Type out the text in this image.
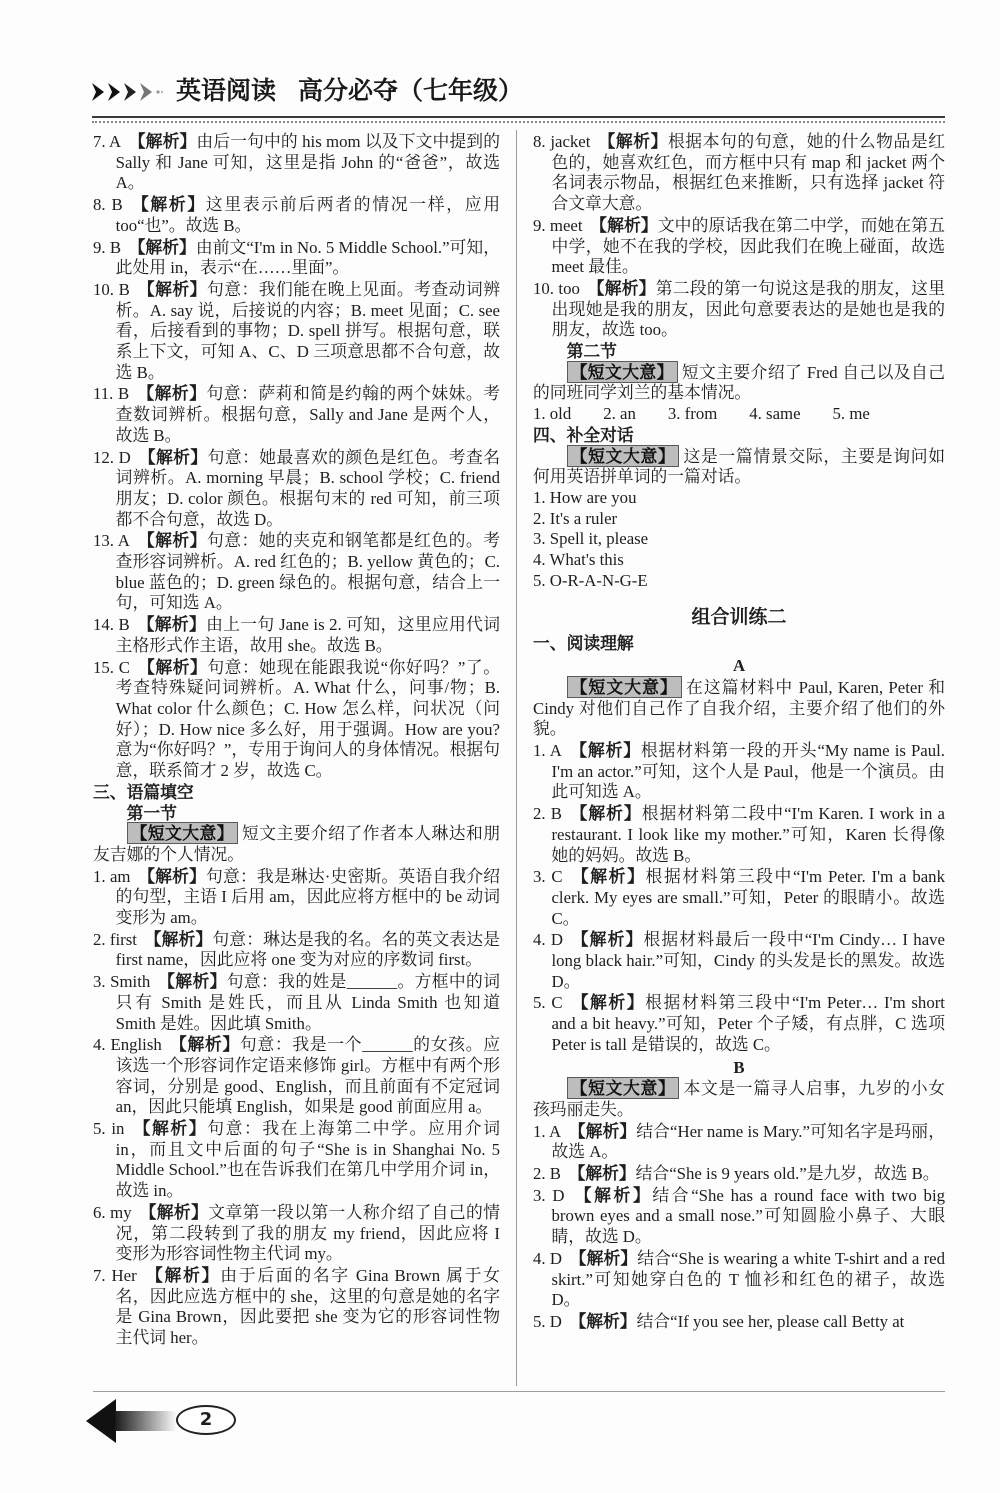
英语阅读 高分必夺（七年级）

7. A 【解析】由后一句中的 his mom 以及下文中提到的 Sally 和 Jane 可知，这里是指 John 的“爸爸”，故选 A。

8. B 【解析】这里表示前后两者的情况一样，应用 too“也”。故选 B。

9. B 【解析】由前文“I'm in No. 5 Middle School.”可知，此处用 in，表示“在……里面”。

10. B 【解析】句意：我们能在晚上见面。考查动词辨析。A. say 说，后接说的内容；B. meet 见面；C. see看，后接看到的事物；D. spell 拼写。根据句意，联系上下文，可知 A、C、D 三项意思都不合句意，故选 B。

11. B 【解析】句意：萨莉和简是约翰的两个妹妹。考查数词辨析。根据句意，Sally and Jane 是两个人，故选 B。

12. D 【解析】句意：她最喜欢的颜色是红色。考查名词辨析。A. morning 早晨；B. school 学校；C. friend 朋友；D. color 颜色。根据句末的 red 可知，前三项都不合句意，故选 D。

13. A 【解析】句意：她的夹克和钢笔都是红色的。考查形容词辨析。A. red 红色的；B. yellow 黄色的；C. blue 蓝色的；D. green 绿色的。根据句意，结合上一句，可知选 A。

14. B 【解析】由上一句 Jane is 2. 可知，这里应用代词主格形式作主语，故用 she。故选 B。

15. C 【解析】句意：她现在能跟我说“你好吗？”了。考查特殊疑问词辨析。A. What 什么，问事/物；B. What color 什么颜色；C. How 怎么样，问状况（问好）；D. How nice 多么好，用于强调。How are you? 意为“你好吗？”，专用于询问人的身体情况。根据句意，联系简才 2 岁，故选 C。

三、语篇填空

第一节

【短文大意】 短文主要介绍了作者本人琳达和朋友吉娜的个人情况。

1. am 【解析】句意：我是琳达·史密斯。英语自我介绍的句型，主语 I 后用 am，因此应将方框中的 be 动词变形为 am。

2. first 【解析】句意：琳达是我的名。名的英文表达是 first name，因此应将 one 变为对应的序数词 first。

3. Smith 【解析】句意：我的姓是______。方框中的词只有 Smith 是姓氏，而且从 Linda Smith 也知道 Smith 是姓。因此填 Smith。

4. English 【解析】句意：我是一个______的女孩。应该选一个形容词作定语来修饰 girl。方框中有两个形容词，分别是 good、English，而且前面有不定冠词 an，因此只能填 English，如果是 good 前面应用 a。

5. in 【解析】句意：我在上海第二中学。应用介词 in，而且文中后面的句子“She is in Shanghai No. 5 Middle School.”也在告诉我们在第几中学用介词 in，故选 in。

6. my 【解析】文章第一段以第一人称介绍了自己的情况，第二段转到了我的朋友 my friend，因此应将 I 变形为形容词性物主代词 my。

7. Her 【解析】由于后面的名字 Gina Brown 属于女名，因此应选方框中的 she，这里的句意是她的名字是 Gina Brown，因此要把 she 变为它的形容词性物主代词 her。

8. jacket 【解析】根据本句的句意，她的什么物品是红色的，她喜欢红色，而方框中只有 map 和 jacket 两个名词表示物品，根据红色来推断，只有选择 jacket 符合文章大意。

9. meet 【解析】文中的原话我在第二中学，而她在第五中学，她不在我的学校，因此我们在晚上碰面，故选 meet 最佳。

10. too 【解析】第二段的第一句说这是我的朋友，这里出现她是我的朋友，因此句意要表达的是她也是我的朋友，故选 too。

第二节

【短文大意】 短文主要介绍了 Fred 自己以及自己的同班同学刘兰的基本情况。

1. old 2. an 3. from 4. same 5. me

四、补全对话

【短文大意】 这是一篇情景交际，主要是询问如何用英语拼单词的一篇对话。

1. How are you

2. It's a ruler

3. Spell it, please

4. What's this

5. O-R-A-N-G-E

组合训练二

一、阅读理解

A

【短文大意】 在这篇材料中 Paul, Karen, Peter 和 Cindy 对他们自己作了自我介绍，主要介绍了他们的外貌。

1. A 【解析】根据材料第一段的开头“My name is Paul. I'm an actor.”可知，这个人是 Paul，他是一个演员。由此可知选 A。

2. B 【解析】根据材料第二段中“I'm Karen. I work in a restaurant. I look like my mother.”可知，Karen 长得像她的妈妈。故选 B。

3. C 【解析】根据材料第三段中“I'm Peter. I'm a bank clerk. My eyes are small.”可知，Peter 的眼睛小。故选 C。

4. D 【解析】根据材料最后一段中“I'm Cindy… I have long black hair.”可知，Cindy 的头发是长的黑发。故选 D。

5. C 【解析】根据材料第三段中“I'm Peter… I'm short and a bit heavy.”可知，Peter 个子矮，有点胖，C 选项 Peter is tall 是错误的，故选 C。

B

【短文大意】 本文是一篇寻人启事，九岁的小女孩玛丽走失。

1. A 【解析】结合“Her name is Mary.”可知名字是玛丽，故选 A。

2. B 【解析】结合“She is 9 years old.”是九岁，故选 B。

3. D 【解析】结合“She has a round face with two big brown eyes and a small nose.”可知圆脸小鼻子、大眼睛，故选 D。

4. D 【解析】结合“She is wearing a white T-shirt and a red skirt.”可知她穿白色的 T 恤衫和红色的裙子，故选 D。

5. D 【解析】结合“If you see her, please call Betty at

2
